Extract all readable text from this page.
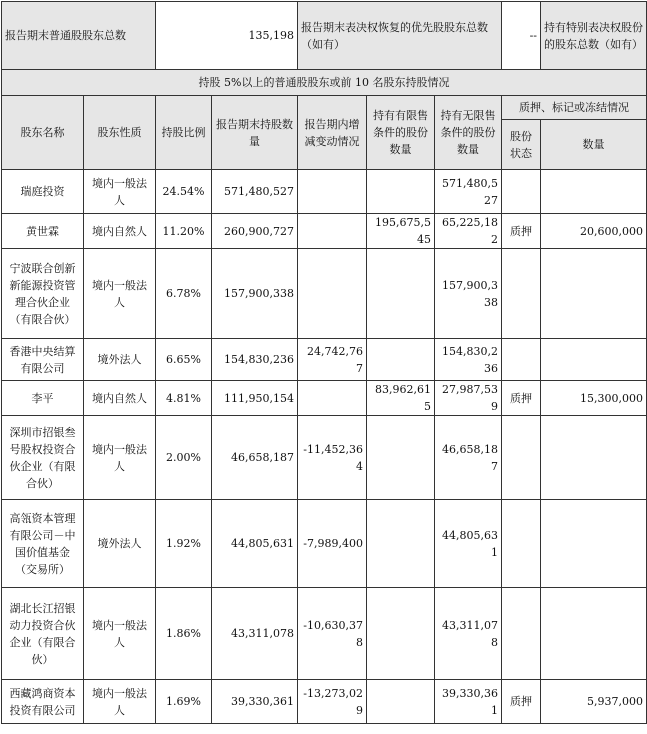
报告期末普通股股东总数		135,198		报告期末表决权恢复的优先股股东总数（如有）			--	持有特别表决权股份的股东总数（如有）	
持股 5%以上的普通股股东或前 10 名股东持股情况									
股东名称	股东性质	持股比例	报告期末持股数量	报告期内增减变动情况	持有有限售条件的股份数量	持有无限售条件的股份数量	质押、标记或冻结情况		
							股份状态	数量	
瑞庭投资	境内一般法人	24.54%	571,480,527			571,480,527			
黄世霖	境内自然人	11.20%	260,900,727		195,675,545	65,225,182	质押	20,600,000	
宁波联合创新新能源投资管理合伙企业（有限合伙）	境内一般法人	6.78%	157,900,338			157,900,338			
香港中央结算有限公司	境外法人	6.65%	154,830,236	24,742,767		154,830,236			
李平	境内自然人	4.81%	111,950,154		83,962,615	27,987,539	质押	15,300,000	
深圳市招银叁号股权投资合伙企业（有限合伙）	境内一般法人	2.00%	46,658,187	-11,452,364		46,658,187			
高瓴资本管理有限公司－中国价值基金（交易所）	境外法人	1.92%	44,805,631	-7,989,400		44,805,631			
湖北长江招银动力投资合伙企业（有限合伙）	境内一般法人	1.86%	43,311,078	-10,630,378		43,311,078			
西藏鸿商资本投资有限公司	境内一般法人	1.69%	39,330,361	-13,273,029		39,330,361	质押	5,937,000	
